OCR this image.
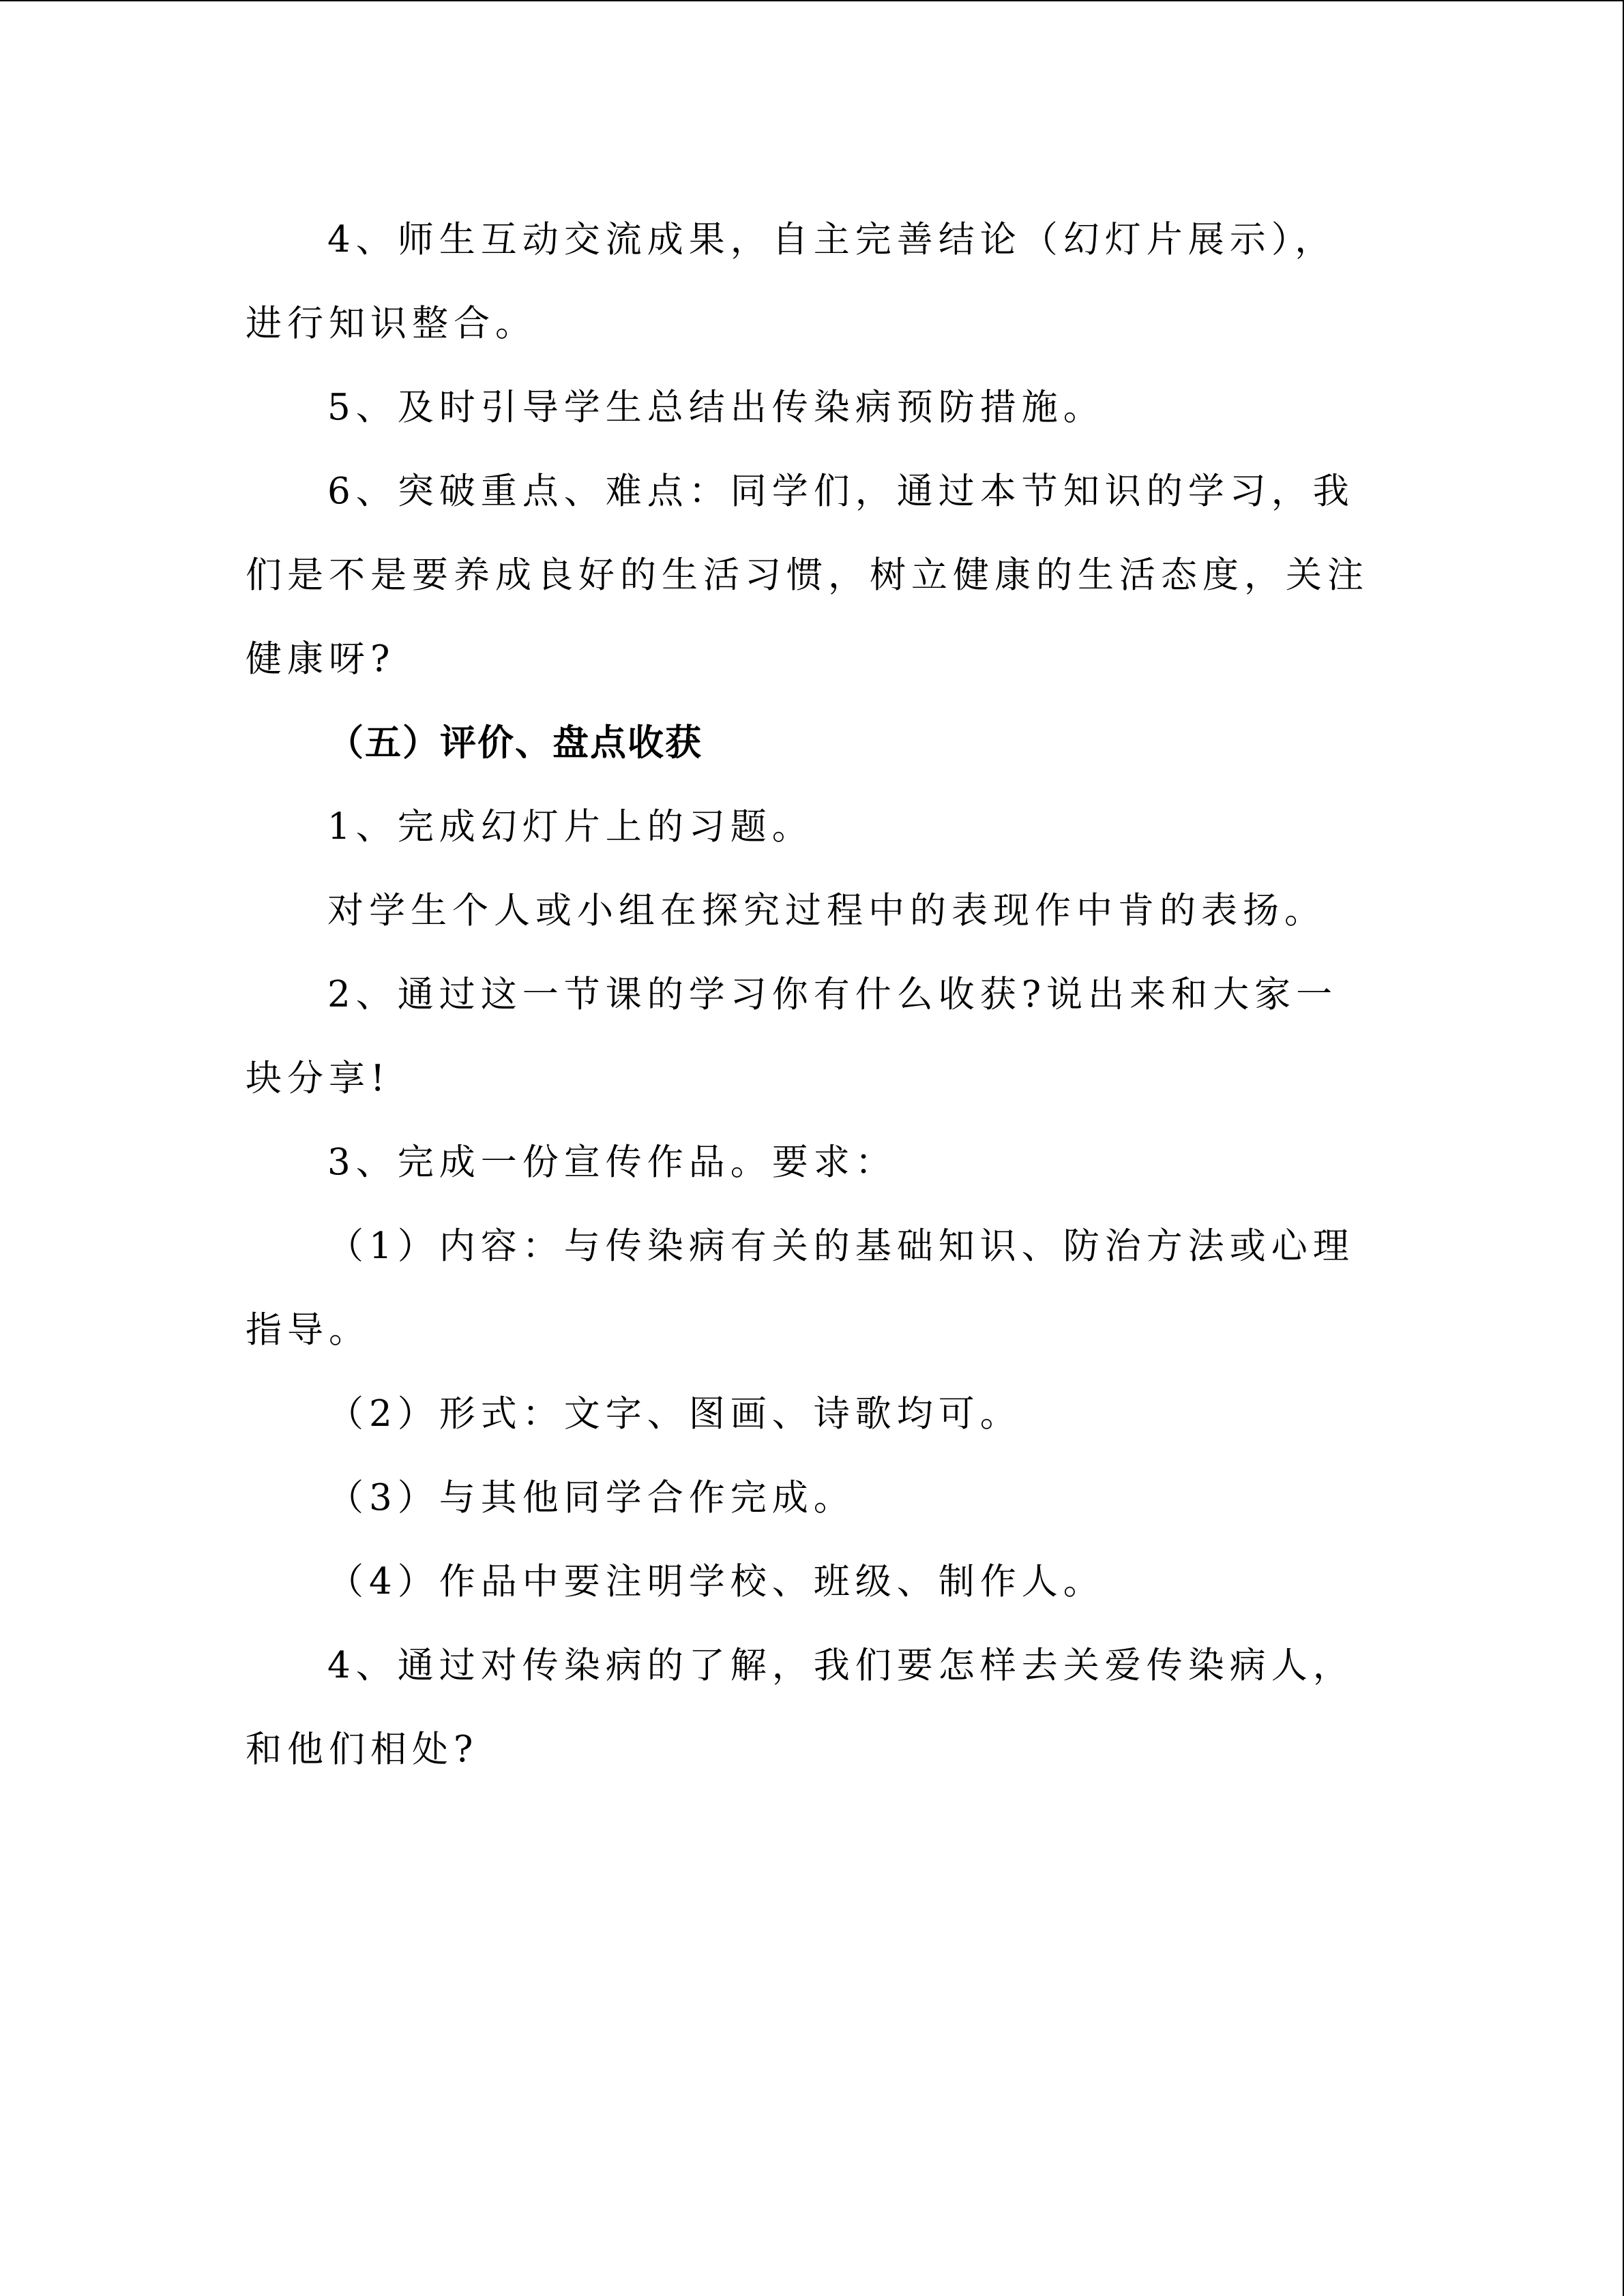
4、师生互动交流成果，自主完善结论（幻灯片展示），进行知识整合。

5、及时引导学生总结出传染病预防措施。

6、突破重点、难点：同学们，通过本节知识的学习，我们是不是要养成良好的生活习惯，树立健康的生活态度，关注健康呀?

（五）评价、盘点收获

1、完成幻灯片上的习题。

对学生个人或小组在探究过程中的表现作中肯的表扬。

2、通过这一节课的学习你有什么收获?说出来和大家一块分享!

3、完成一份宣传作品。要求：

（1）内容：与传染病有关的基础知识、防治方法或心理指导。

（2）形式：文字、图画、诗歌均可。

（3）与其他同学合作完成。

（4）作品中要注明学校、班级、制作人。

4、通过对传染病的了解，我们要怎样去关爱传染病人，和他们相处?
